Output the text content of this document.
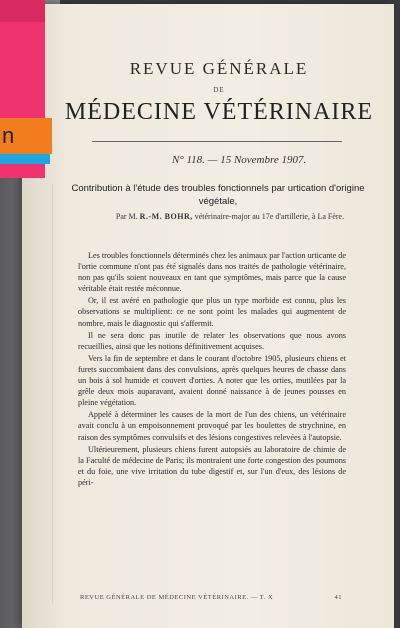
REVUE GÉNÉRALE
DE
MÉDECINE VÉTÉRINAIRE
N° 118. — 15 Novembre 1907.
Contribution à l'étude des troubles fonctionnels par urtication d'origine végétale,
Par M. R.-M. BOHR, vétérinaire-major au 17e d'artillerie, à La Fère.

Les troubles fonctionnels déterminés chez les animaux par l'action urticante de l'ortie commune n'ont pas été signalés dans nos traités de pathologie vétérinaire, non pas qu'ils soient nouveaux en tant que symptômes, mais parce que la cause véritable était restée méconnue.

Or, il est avéré en pathologie que plus un type morbide est connu, plus les observations se multiplient: ce ne sont point les malades qui augmentent de nombre, mais le diagnostic qui s'affermit.

Il ne sera donc pas inutile de relater les observations que nous avons recueillies, ainsi que les notions définitivement acquises.

Vers la fin de septembre et dans le courant d'octobre 1905, plusieurs chiens et furets succombaient dans des convulsions, après quelques heures de chasse dans un bois à sol humide et couvert d'orties. A noter que les orties, mutilées par la grêle deux mois auparavant, avaient donné naissance à de jeunes pousses en pleine végétation.

Appelé à déterminer les causes de la mort de l'un des chiens, un vétérinaire avait conclu à un empoisonnement provoqué par les boulettes de strychnine, en raison des symptômes convulsifs et des lésions congestives relevées à l'autopsie.

Ultérieurement, plusieurs chiens furent autopsiés au laboratoire de chimie de la Faculté de médecine de Paris; ils montraient une forte congestion des poumons et du foie, une vive irritation du tube digestif et, sur l'un d'eux, des lésions de péri-

REVUE GÉNÉRALE DE MÉDECINE VÉTÉRINAIRE. — T. X	41
n
